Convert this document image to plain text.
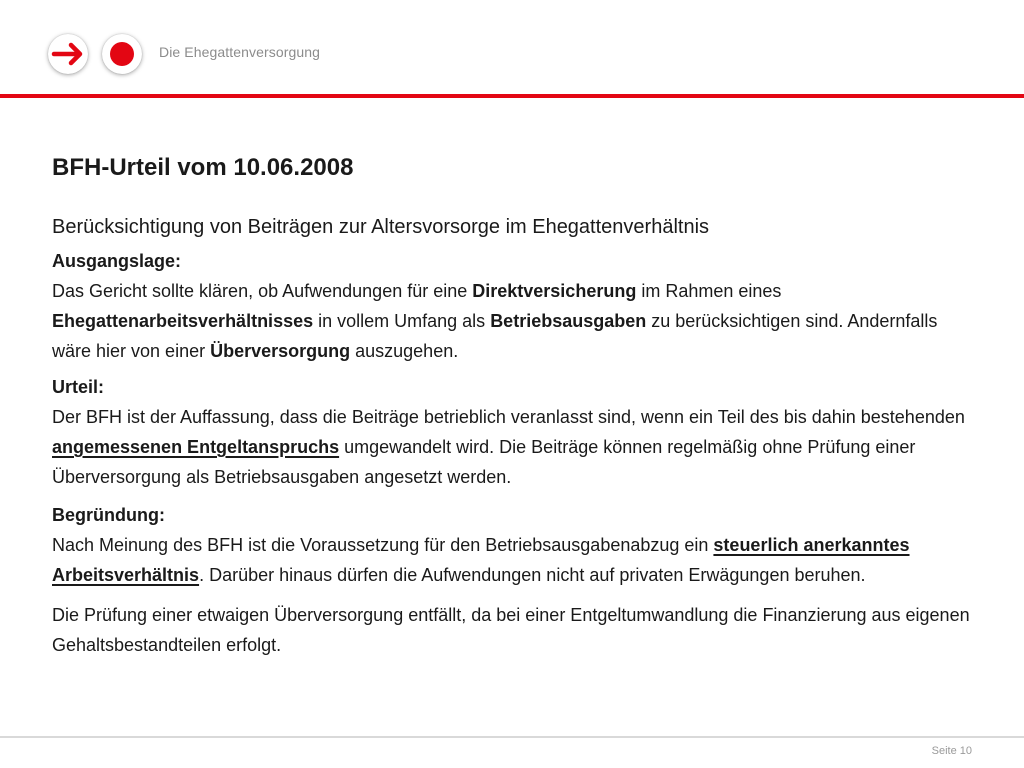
Die Ehegattenversorgung
BFH-Urteil vom 10.06.2008
Berücksichtigung von Beiträgen zur Altersvorsorge im Ehegattenverhältnis
Ausgangslage:
Das Gericht sollte klären, ob Aufwendungen für eine Direktversicherung im Rahmen eines Ehegattenarbeitsverhältnisses in vollem Umfang als Betriebsausgaben zu berücksichtigen sind. Andernfalls wäre hier von einer Überversorgung auszugehen.
Urteil:
Der BFH ist der Auffassung, dass die Beiträge betrieblich veranlasst sind, wenn ein Teil des bis dahin bestehenden angemessenen Entgeltanspruchs umgewandelt wird. Die Beiträge können regelmäßig ohne Prüfung einer Überversorgung als Betriebsausgaben angesetzt werden.
Begründung:
Nach Meinung des BFH ist die Voraussetzung für den Betriebsausgabenabzug ein steuerlich anerkanntes Arbeitsverhältnis. Darüber hinaus dürfen die Aufwendungen nicht auf privaten Erwägungen beruhen.
Die Prüfung einer etwaigen Überversorgung entfällt, da bei einer Entgeltumwandlung die Finanzierung aus eigenen Gehaltsbestandteilen erfolgt.
Seite 10
